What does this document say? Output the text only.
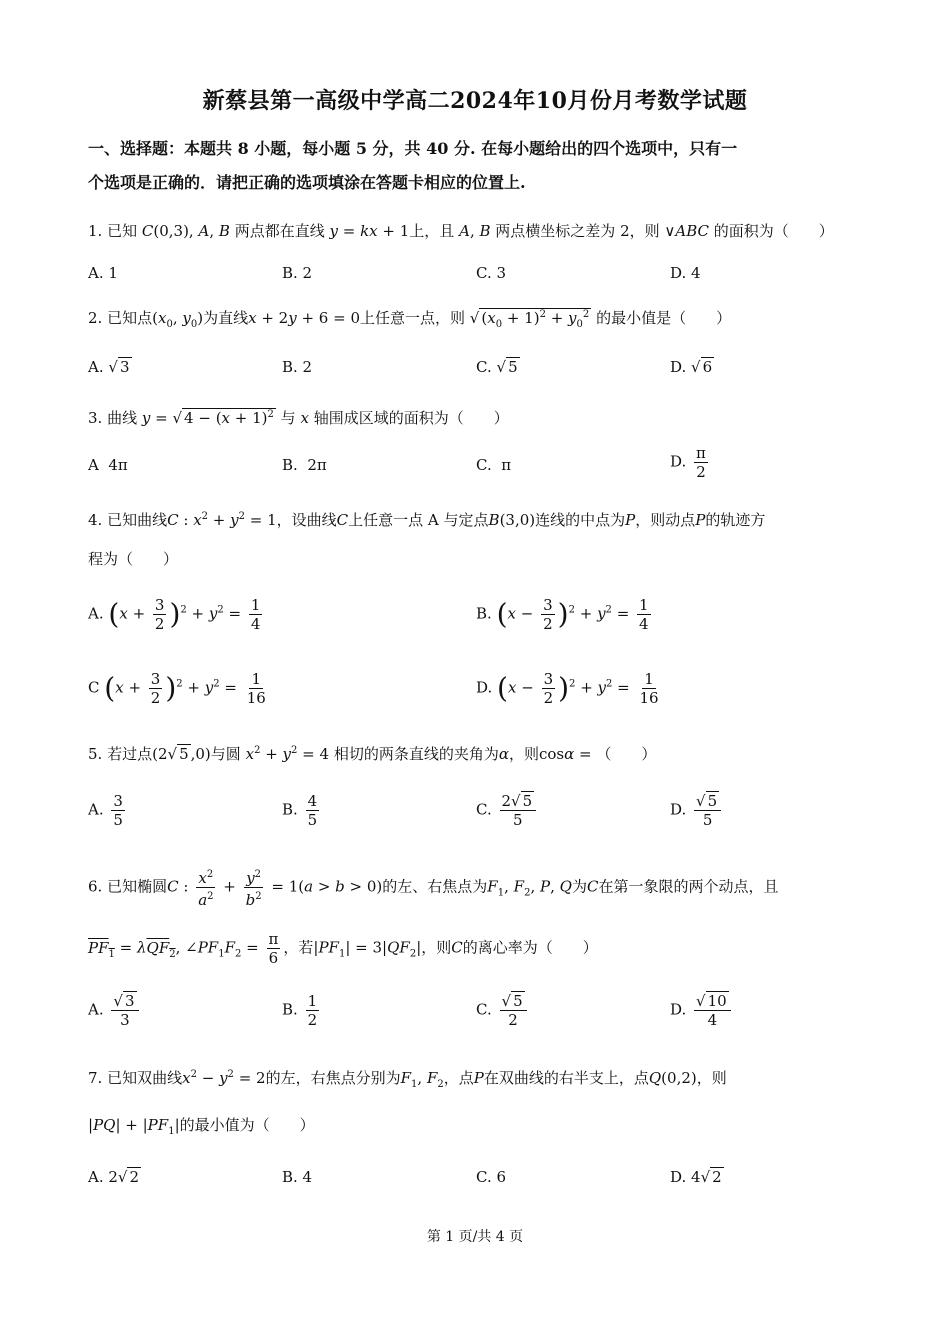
新蔡县第一高级中学高二2024年10月份月考数学试题
一、选择题：本题共 8 小题，每小题 5 分，共 40 分. 在每小题给出的四个选项中，只有一
个选项是正确的．请把正确的选项填涂在答题卡相应的位置上.
1. 已知 C(0,3), A, B 两点都在直线 y = kx + 1上，且 A, B 两点横坐标之差为 2，则 ∨ABC 的面积为（　　）
A. 1	B. 2	C. 3	D. 4
2. 已知点($x_0$, $y_0$)为直线x + 2y + 6 = 0上任意一点，则 √ $(x_0 + 1)^2 + y_0^2$ 的最小值是（　　）
A. √ 3	B. 2	C. √ 5	D. √ 6
3. 曲线 y = √ $4 - (x + 1)^2$ 与 x 轴围成区域的面积为（　　）
A 4π	B. 2π	C. π	D. $\frac{\pi}{2}$
4. 已知曲线C : $x^2 + y^2 = 1$，设曲线C上任意一点 A 与定点B(3,0)连线的中点为P，则动点P的轨迹方
程为（　　）
A. $(x + \frac{3}{2} )^2 + y^2 = \frac{1}{4}$	B. $(x - \frac{3}{2} )^2 + y^2 = \frac{1}{4}$
C $(x + \frac{3}{2} )^2 + y^2 = \frac{1}{16}$	D. $(x - \frac{3}{2} )^2 + y^2 = \frac{1}{16}$
5. 若过点(2√ 5 ,0)与圆 $x^2 + y^2 = 4$ 相切的两条直线的夹角为α，则cosα = （　　）
A. $\frac{3}{5}$	B. $\frac{4}{5}$	C. $\frac{2√ 5}{5}$	D. $\frac{√ 5}{5}$
6. 已知椭圆C : $\frac{x^2}{a^2} + \frac{y^2}{b^2} = 1(a > b > 0)$的左、右焦点为$F_1$, $F_2$, P, Q为C在第一象限的两个动点，且
$PF_1 = \lambda QF_2$, $\angle PF_1F_2 = \frac{\pi}{6}$ ，若$|PF_1| = 3|QF_2|$，则C的离心率为（　　）
A. $\frac{√ 3}{3}$	B. $\frac{1}{2}$	C. $\frac{√ 5}{2}$	D. $\frac{√ 10}{4}$
7. 已知双曲线$x^2 - y^2 = 2$的左，右焦点分别为$F_1$, $F_2$，点P在双曲线的右半支上，点Q(0,2)，则
$|PQ| + |PF_1|$的最小值为（　　）
A. 2√ 2	B. 4	C. 6	D. 4√ 2
第 1 页/共 4 页
